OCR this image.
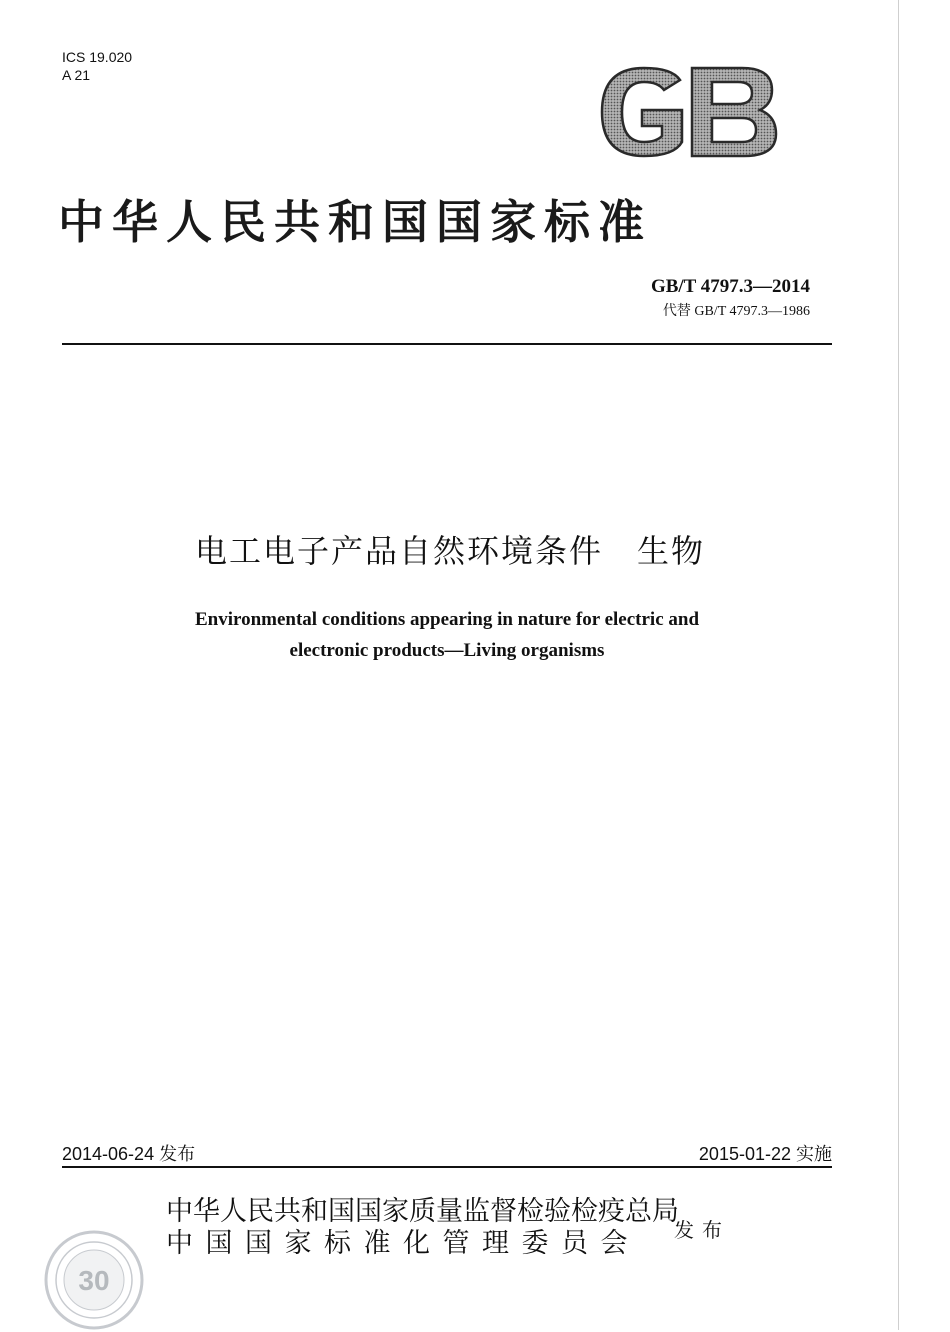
ICS 19.020
A 21
GB
中华人民共和国国家标准
GB/T 4797.3—2014
代替 GB/T 4797.3—1986
电工电子产品自然环境条件　生物
Environmental conditions appearing in nature for electric and
electronic products—Living organisms
2014-06-24 发布	2015-01-22 实施
中华人民共和国国家质量监督检验检疫总局
中国国家标准化管理委员会	发布
30
